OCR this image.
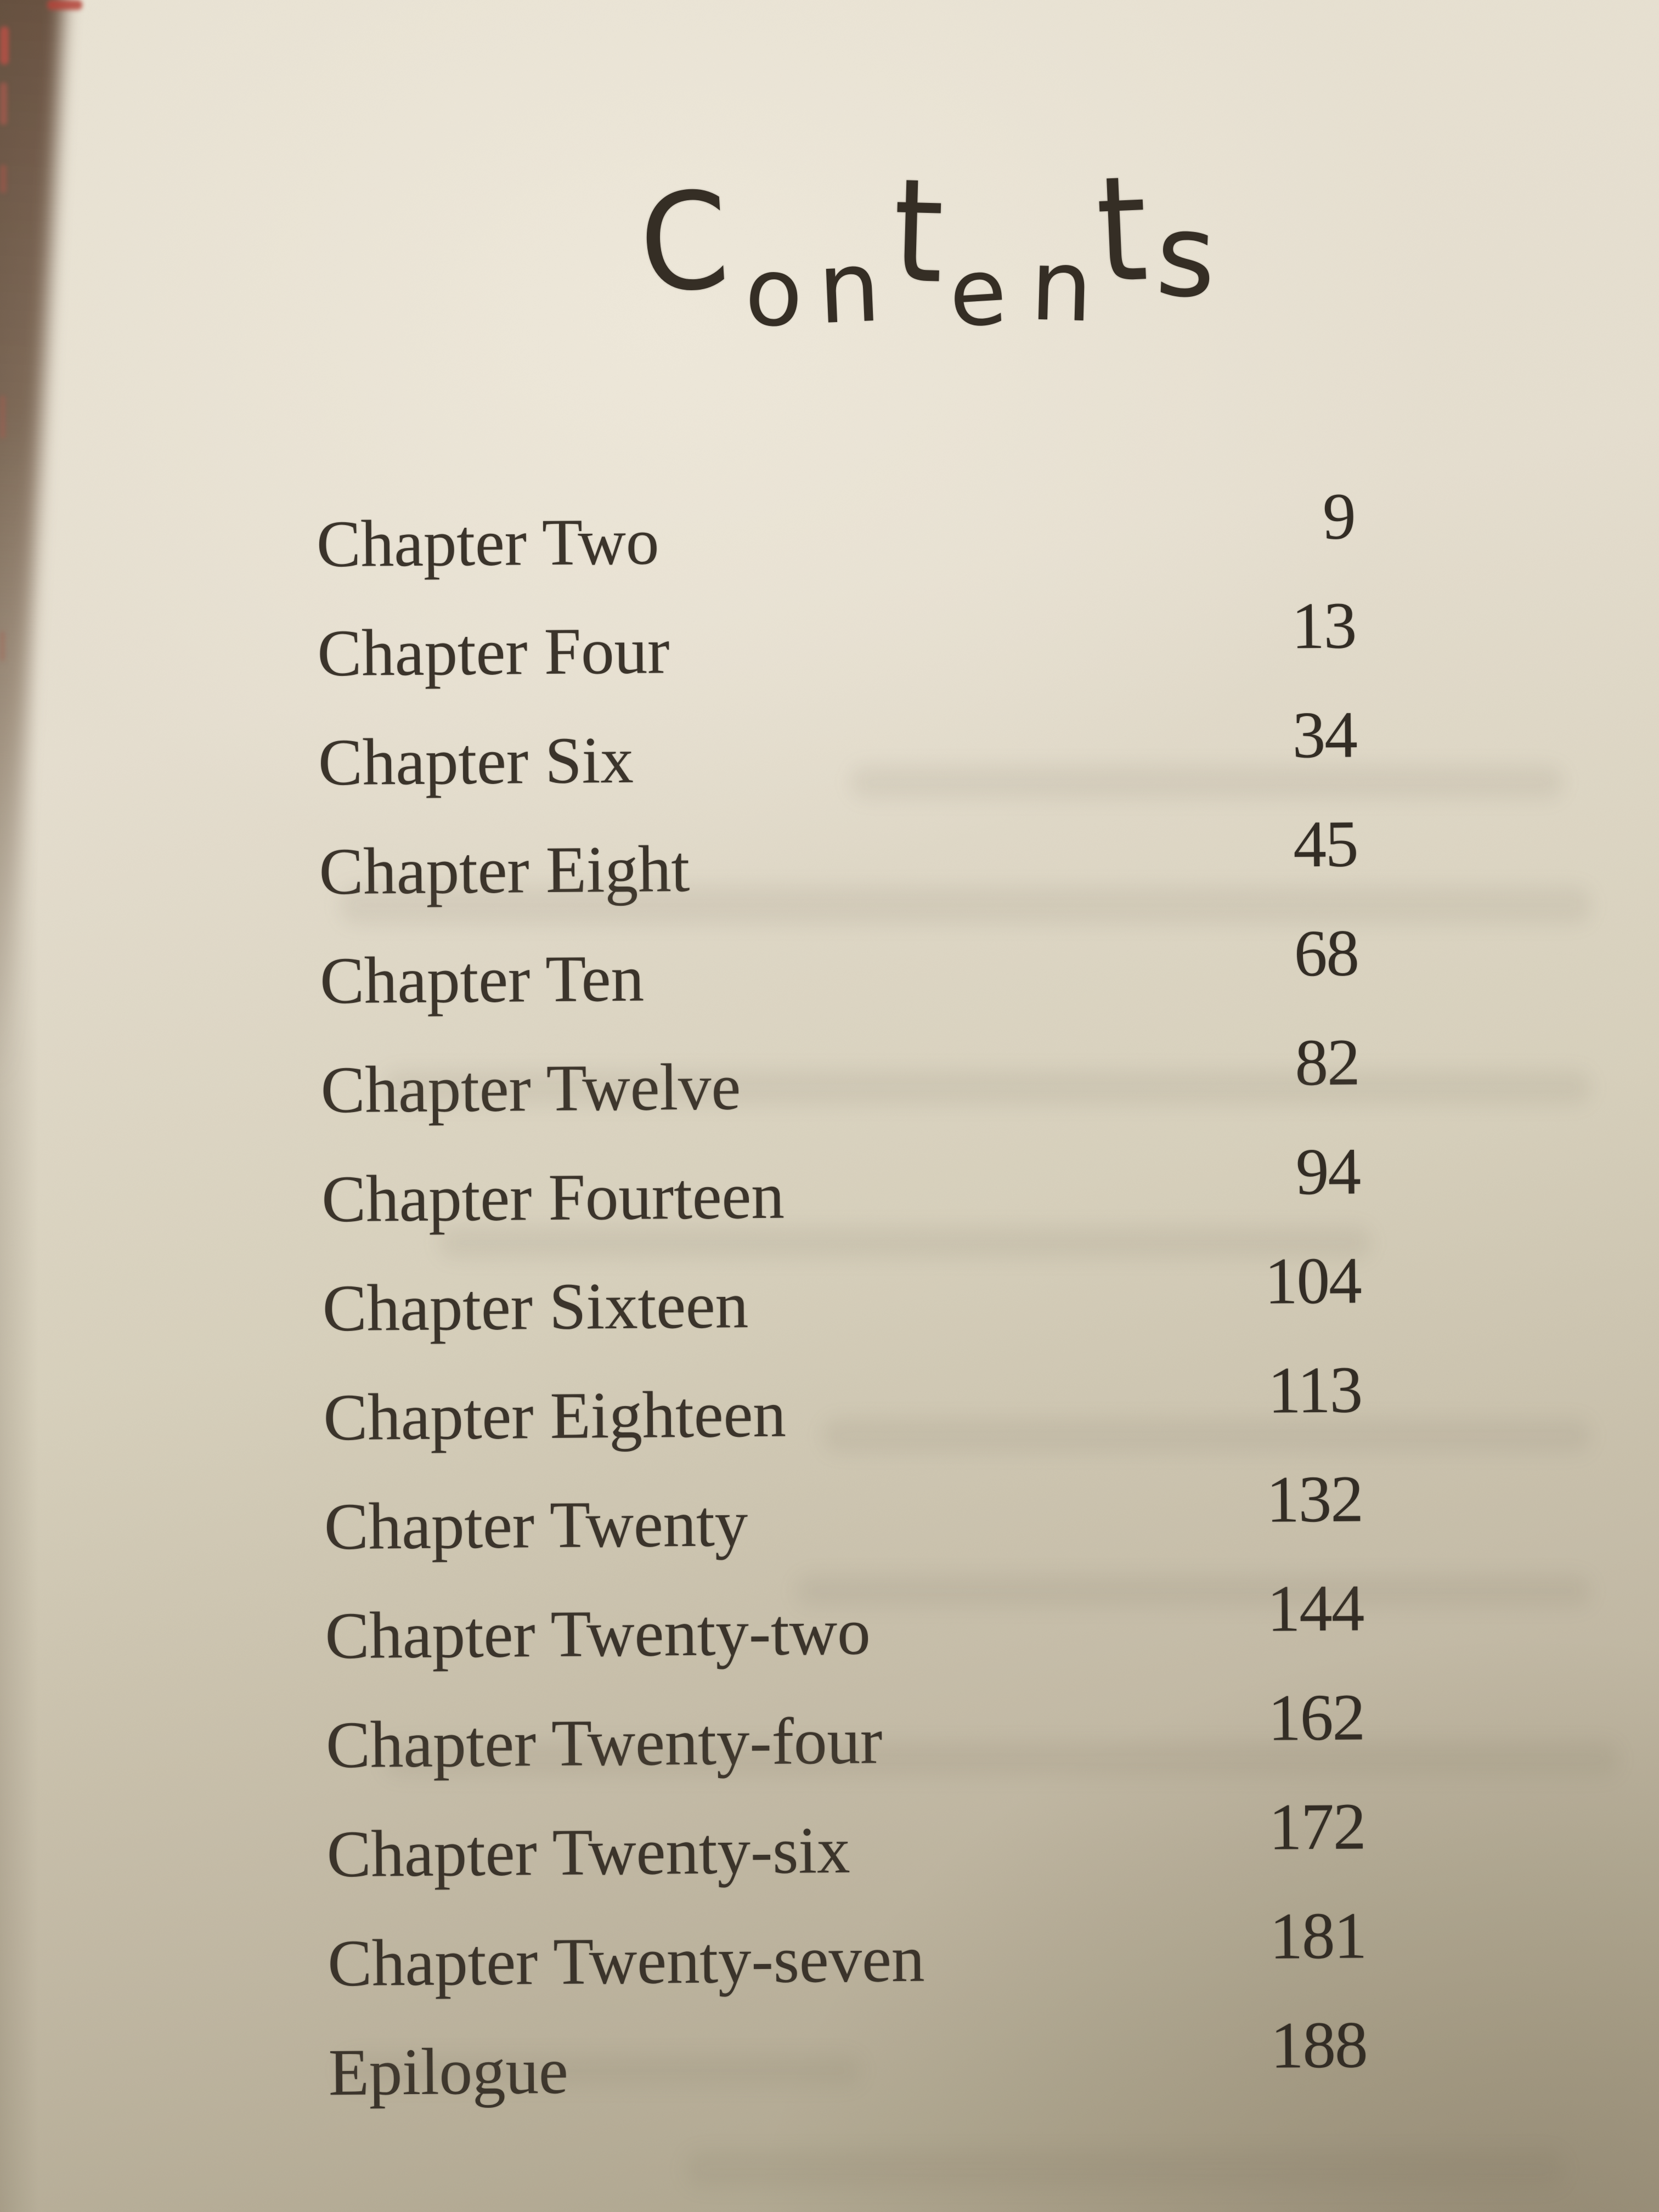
C o n t e n
t s
Chapter Two	9
Chapter Four	13
Chapter Six	34
Chapter Eight	45
Chapter Ten	68
Chapter Twelve	82
Chapter Fourteen	94
Chapter Sixteen	104
Chapter Eighteen	113
Chapter Twenty	132
Chapter Twenty-two	144
Chapter Twenty-four	162
Chapter Twenty-six	172
Chapter Twenty-seven	181
Epilogue	188
